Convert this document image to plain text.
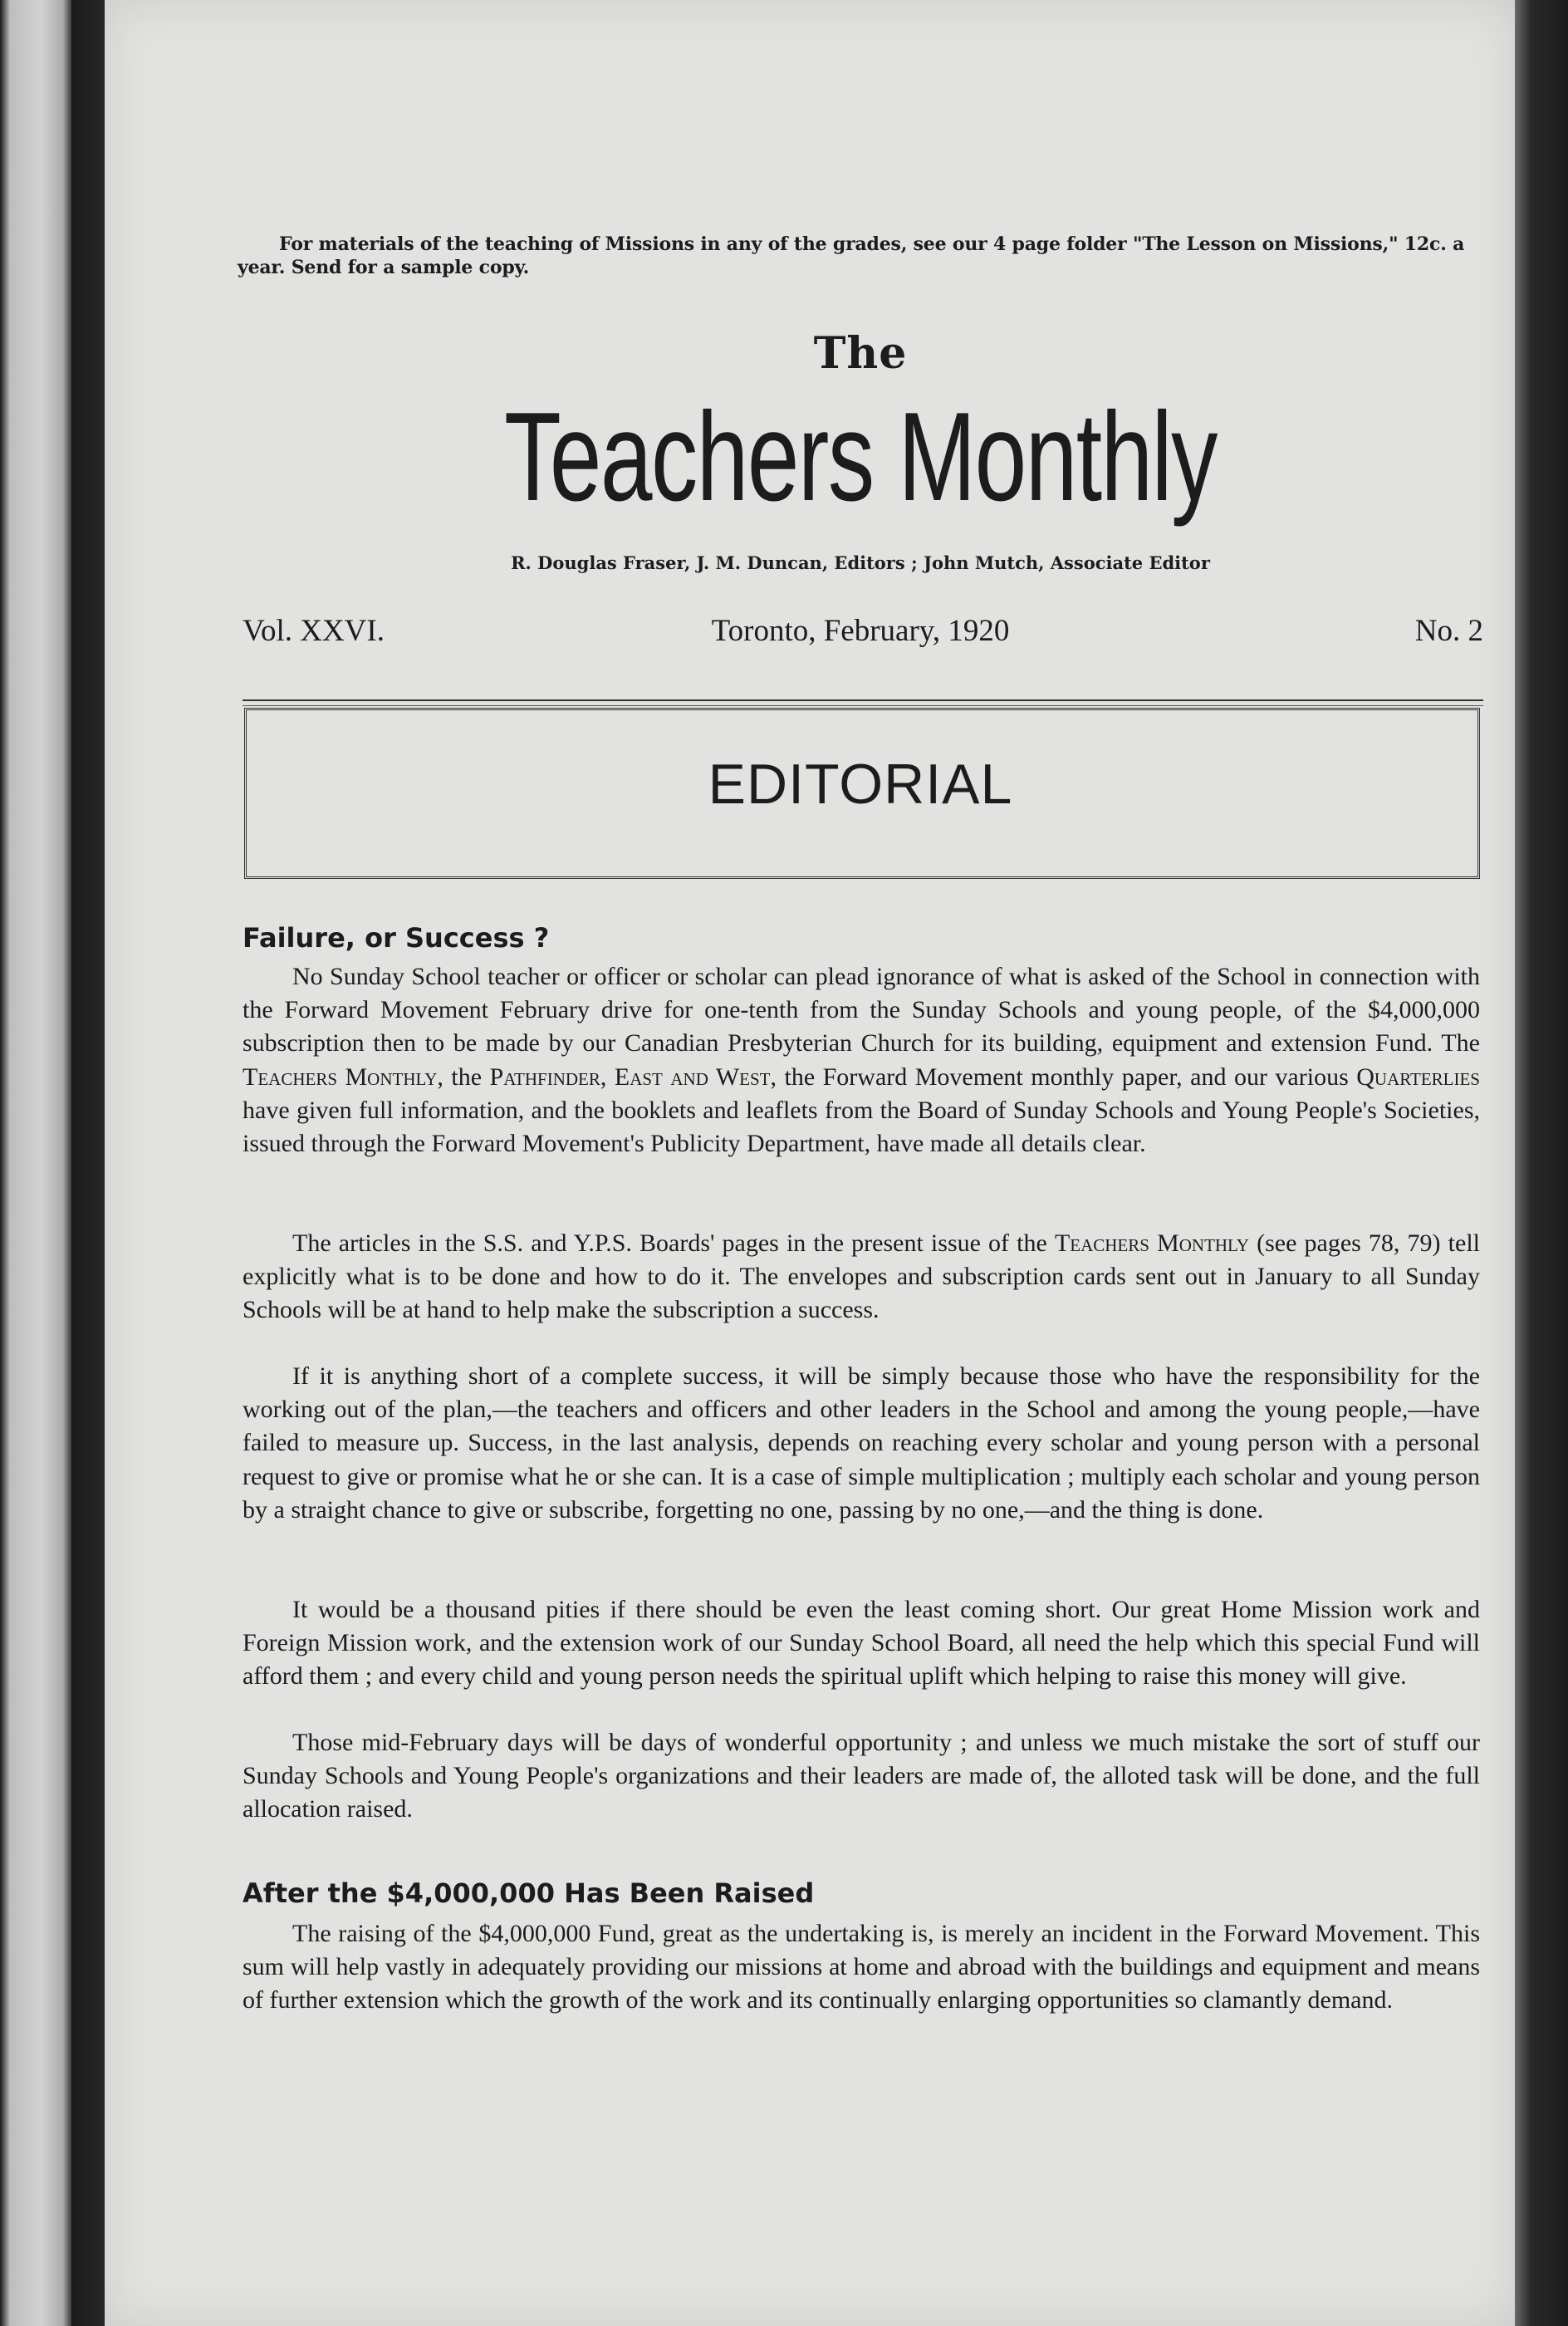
For materials of the teaching of Missions in any of the grades, see our 4 page folder "The Lesson on Missions," 12c. a year. Send for a sample copy.
The
Teachers Monthly
R. Douglas Fraser, J. M. Duncan, Editors ; John Mutch, Associate Editor
Vol. XXVI.	Toronto, February, 1920	No. 2
EDITORIAL
Failure, or Success ?
No Sunday School teacher or officer or scholar can plead ignorance of what is asked of the School in connection with the Forward Movement February drive for one-tenth from the Sunday Schools and young people, of the $4,000,000 subscription then to be made by our Canadian Presbyterian Church for its building, equipment and extension Fund. The Teachers Monthly, the Pathfinder, East and West, the Forward Movement monthly paper, and our various Quarterlies have given full information, and the booklets and leaflets from the Board of Sunday Schools and Young People's Societies, issued through the Forward Movement's Publicity Department, have made all details clear.
The articles in the S.S. and Y.P.S. Boards' pages in the present issue of the Teachers Monthly (see pages 78, 79) tell explicitly what is to be done and how to do it. The envelopes and subscription cards sent out in January to all Sunday Schools will be at hand to help make the subscription a success.
If it is anything short of a complete success, it will be simply because those who have the responsibility for the working out of the plan,—the teachers and officers and other leaders in the School and among the young people,—have failed to measure up. Success, in the last analysis, depends on reaching every scholar and young person with a personal request to give or promise what he or she can. It is a case of simple multiplication ; multiply each scholar and young person by a straight chance to give or subscribe, forgetting no one, passing by no one,—and the thing is done.
It would be a thousand pities if there should be even the least coming short. Our great Home Mission work and Foreign Mission work, and the extension work of our Sunday School Board, all need the help which this special Fund will afford them ; and every child and young person needs the spiritual uplift which helping to raise this money will give.
Those mid-February days will be days of wonderful opportunity ; and unless we much mistake the sort of stuff our Sunday Schools and Young People's organizations and their leaders are made of, the alloted task will be done, and the full allocation raised.
After the $4,000,000 Has Been Raised
The raising of the $4,000,000 Fund, great as the undertaking is, is merely an incident in the Forward Movement. This sum will help vastly in adequately providing our missions at home and abroad with the buildings and equipment and means of further extension which the growth of the work and its continually enlarging opportunities so clamantly demand.
